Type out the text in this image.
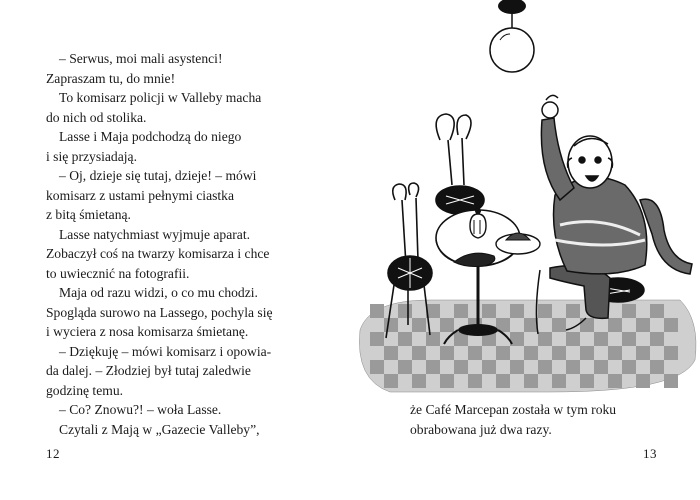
– Serwus, moi mali asystenci!
Zapraszam tu, do mnie!
To komisarz policji w Valleby macha
do nich od stolika.
Lasse i Maja podchodzą do niego
i się przysiadają.
– Oj, dzieje się tutaj, dzieje! – mówi
komisarz z ustami pełnymi ciastka
z bitą śmietaną.
Lasse natychmiast wyjmuje aparat.
Zobaczył coś na twarzy komisarza i chce
to uwiecznić na fotografii.
Maja od razu widzi, o co mu chodzi.
Spogląda surowo na Lassego, pochyla się
i wyciera z nosa komisarza śmietanę.
– Dziękuję – mówi komisarz i opowia-
da dalej. – Złodziej był tutaj zaledwie
godzinę temu.
– Co? Znowu?! – woła Lasse.
Czytali z Mają w „Gazecie Valleby”,
12
że Café Marcepan została w tym roku
obrabowana już dwa razy.
13
